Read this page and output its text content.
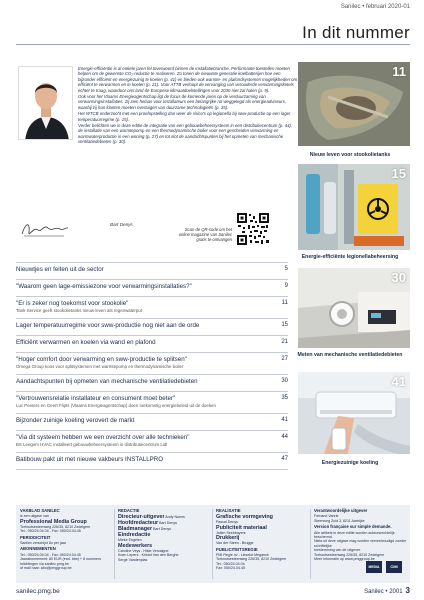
Sanilec • februari 2020-01
In dit nummer

Energie-efficiëntie is al enkele jaren fel toverwoord binnen de installatiebranche. Performante toestellen moeten helpen om de gewenste CO₂-reductie te realiseren. Zo tonen de nieuwste generatie koelbatterijen hoe een bijzonder efficiënt en energiezuinig te koelen (p. 41) en bieden ook warmte- en plafondsystemen mogelijkheden om efficiënt te verwarmen en te koelen (p. 21). Voor ATTB verloopt de vervanging van verouderde verwarmingsketels echter te traag, waardoor ons land de Europese klimaatdoelstellingen voor 2030 niet zal halen (p. 9).

Ook voor het Vlaams Energieagentschap ligt de focus de komende jaren op de verduurzaming van verwarmingsinstallaties. Zij zien helaas voor installateurs een belangrijke rol weggelegd als energieadviseurs, waarbij zij hun klanten moeten overtuigen van duurzame technologieën (p. 35).

Het WTCB onderzocht met een proefopstelling dan weer de risico's op legionella bij sww-productie op een lager temperatuurregime (p. 15).

Verder belichten we in deze editie de integratie van een gebouwbeheersysteem in een distributiecentrum (p. 44), de installatie van een warmtepomp en een thermodynamische boiler voor een gescheiden verwarming en warmwaterproductie in een woning (p. 27) en tot slot de aandachtspunten bij het opmeten van mechanische ventilatiedebieten (p. 30).

Bart Denys
Scan de QR-code om het online magazine van Sanilec gratis te ontvangen
11
Nieuw leven voor stookolietanks
15
Energie-efficiënte legionellabeheersing
30
Meten van mechanische ventilatiedebieten
41
Energiezuinige koeling
Nieuwtjes en feiten uit de sector	5
"Waarom geen lage-emissiezone voor verwarmingsinstallaties?"	9
"Er is zeker nog toekomst voor stookolie"	11
Tank-Service geeft stookolietanks nieuw leven als regenwaterput
Lager temperatuurregime voor sww-productie nog niet aan de orde	15
Efficiënt verwarmen en koelen via wand en plafond	21
"Hoger comfort door verwarming en sww-productie te splitsen"	27
Omega Group koos voor splitsystemen met warmtepomp en thermodynamische boiler
Aandachtspunten bij opmeten van mechanische ventilatiedebieten	30
"Vertrouwensrelatie installateur en consument moet beter"	35
Luc Peeters en Geert Flipts (Vlaams Energieagentschap) doen toekomstig energiebeleid uit de doeken
Bijzonder zuinige koeling verovert de markt	41
"Via dit systeem hebben we een overzicht over alle technieken"	44
BS Leegem HVAC installeert gebouwbeheersysteem in distributiecentrum Lidl
Batibouw pakt uit met nieuwe vakbeurs INSTALLPRO	47
VAKBLAD SANILEC
is een uitgave van
Professional Media Group
Torhoutsesteenweg 226/35, 8210 Zedelgem
Tel.: 050/24.04.04 - Fax: 050/24.04.45
PERIODICITEIT
Sanilec verschijnt 8x per jaar
ABONNEMENTEN
Tel.: 050/24.04.04 - Fax: 050/24.04.45
Jaarabonnement: 80 EUR (excl. btw) + 8 nummers
Inlichtingen via sanilec.pmg.be
of mail naar: abo@pmggroup.be
REDACTIE
Directeur-uitgever Andy Noens
Hoofdredacteur Bart Denys
Bladmanager Bart Denys
Eindredactie
Mieke Engelen
Medewerkers
Caroline Veys - Hilde Vercaigne
Koen Lepers - Kristof Van den Berghe
Sergé Vandenplas
REALISATIE
Grafische vormgeving
Pascal Denys
Publiciteit materiaal
Jolien Seeldrayers
Drukkerij
Van der Steen - Brugge
PUBLICITEITSREGIE
PMI Regie nv - Lieselot Meganck
Torhoutsesteenweg 226/35, 8210 Zedelgem
Tel.: 050/24.04.04
Fax: 050/24.04.45
Verantwoordelijke uitgever
Fernand Vanrie
Steenweg Zuid 3, 8211 Aartrijke
Version française sur simple demande.
Alle artikels in deze editie worden auteursrechtelijk beschermd.
Niets uit deze uitgave mag worden verveelvoudigd zonder schriftelijke
toestemming van de uitgever.
Torhoutsesteenweg 226/35, 8210 Zedelgem
Meer informatie op www.pmggroup.be
MEDIA	CIM
sanilec.pmg.be	Sanilec • 2001 3
